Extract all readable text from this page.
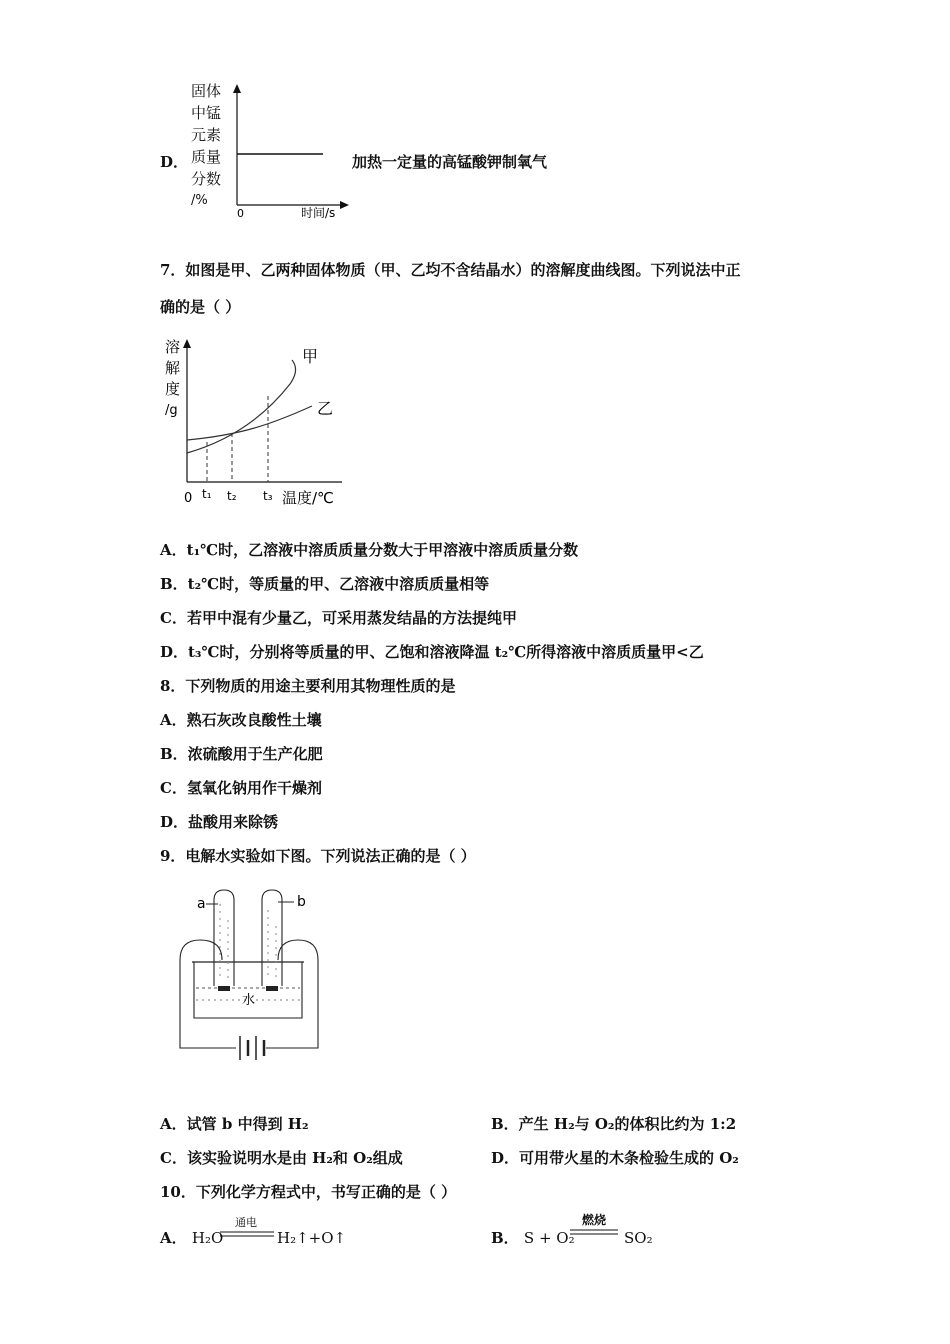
D．
固体
中锰
元素
质量
分数
/%
0	时间/s
加热一定量的高锰酸钾制氧气
7．如图是甲、乙两种固体物质（甲、乙均不含结晶水）的溶解度曲线图。下列说法中正
确的是（ ）
溶
解
度
/g
0 t₁ t₂ t₃ 温度/℃
甲
乙
A．t₁℃时，乙溶液中溶质质量分数大于甲溶液中溶质质量分数
B．t₂℃时，等质量的甲、乙溶液中溶质质量相等
C．若甲中混有少量乙，可采用蒸发结晶的方法提纯甲
D．t₃℃时，分别将等质量的甲、乙饱和溶液降温 t₂℃所得溶液中溶质质量甲<乙
8．下列物质的用途主要利用其物理性质的是
A．熟石灰改良酸性土壤
B．浓硫酸用于生产化肥
C．氢氧化钠用作干燥剂
D．盐酸用来除锈
9．电解水实验如下图。下列说法正确的是（ ）
水
a	b
A．试管 b 中得到 H₂	B．产生 H₂与 O₂的体积比约为 1:2
C．该实验说明水是由 H₂和 O₂组成	D．可用带火星的木条检验生成的 O₂
10．下列化学方程式中，书写正确的是（ ）
A． H₂O
通电
H₂↑+O↑	B． S + O₂
燃烧
SO₂
